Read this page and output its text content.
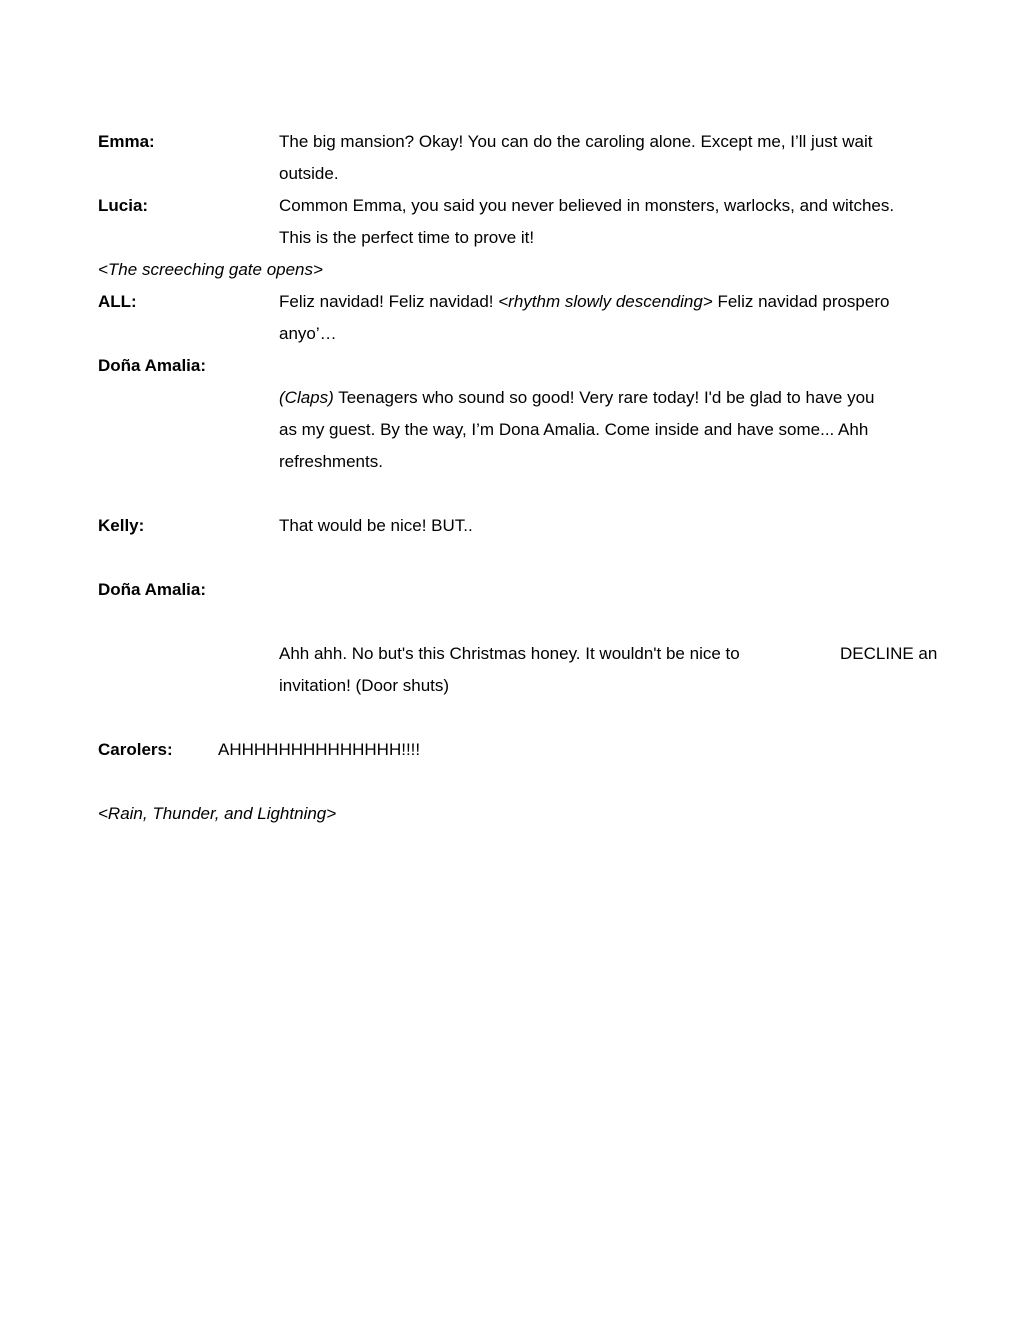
Emma:	The big mansion? Okay! You can do the caroling alone. Except me, I’ll just wait
outside.
Lucia:	Common Emma, you said you never believed in monsters, warlocks, and witches.
This is the perfect time to prove it!
<The screeching gate opens>
ALL:	Feliz navidad! Feliz navidad! <rhythm slowly descending> Feliz navidad prospero
anyo’…
Doña Amalia:
(Claps) Teenagers who sound so good! Very rare today! I'd be glad to have you
as my guest. By the way, I’m Dona Amalia. Come inside and have some... Ahh
refreshments.
Kelly:	That would be nice! BUT..
Doña Amalia:
Ahh ahh. No but's this Christmas honey. It wouldn't be nice to	DECLINE an
invitation! (Door shuts)
Carolers:	AHHHHHHHHHHHHHH!!!!
<Rain, Thunder, and Lightning>
